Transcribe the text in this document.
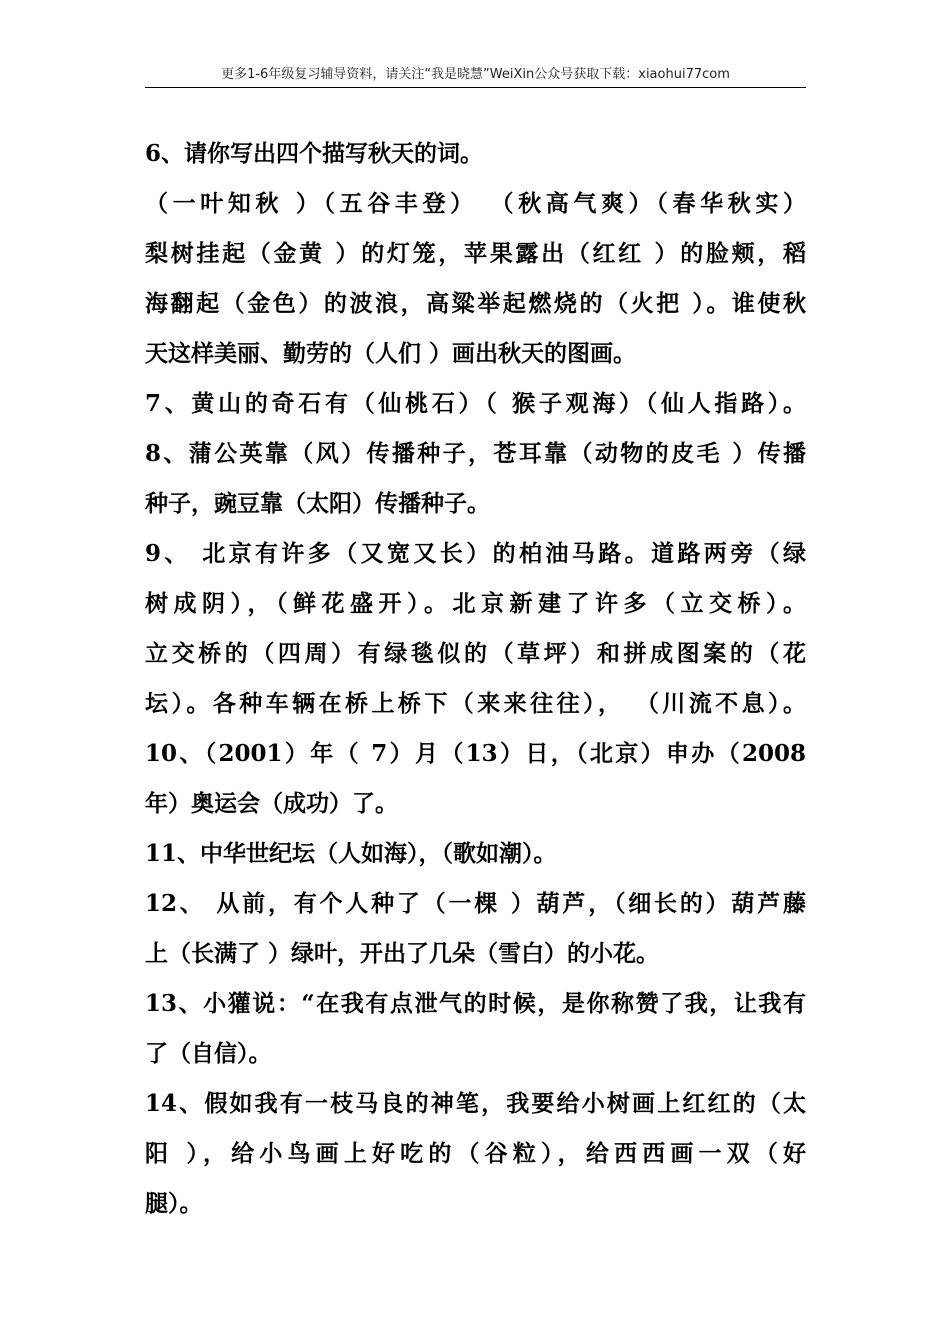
更多1-6年级复习辅导资料，请关注“我是晓慧”WeiXin公众号获取下载：xiaohui77com
6、请你写出四个描写秋天的词。
（一叶知秋 ）（五谷丰登） （秋高气爽）（春华秋实）
梨树挂起（金黄 ）的灯笼，苹果露出（红红 ）的脸颊，稻
海翻起（金色）的波浪，高粱举起燃烧的（火把 ）。谁使秋
天这样美丽、勤劳的（人们 ）画出秋天的图画。
7、黄山的奇石有（仙桃石）（ 猴子观海）（仙人指路）。
8、蒲公英靠（风）传播种子，苍耳靠（动物的皮毛 ）传播
种子，豌豆靠（太阳）传播种子。
9、 北京有许多（又宽又长）的柏油马路。道路两旁（绿
树成阴），（鲜花盛开）。北京新建了许多（立交桥）。
立交桥的（四周）有绿毯似的（草坪）和拼成图案的（花
坛）。各种车辆在桥上桥下（来来往往）， （川流不息）。
10、（2001）年（ 7）月（13）日，（北京）申办（2008
年）奥运会（成功）了。
11、中华世纪坛（人如海），（歌如潮）。
12、 从前，有个人种了（一棵 ）葫芦，（细长的）葫芦藤
上（长满了 ）绿叶，开出了几朵（雪白）的小花。
13、小獾说：“在我有点泄气的时候，是你称赞了我，让我有
了（自信）。
14、假如我有一枝马良的神笔，我要给小树画上红红的（太
阳 ），给小鸟画上好吃的（谷粒），给西西画一双（好
腿）。
